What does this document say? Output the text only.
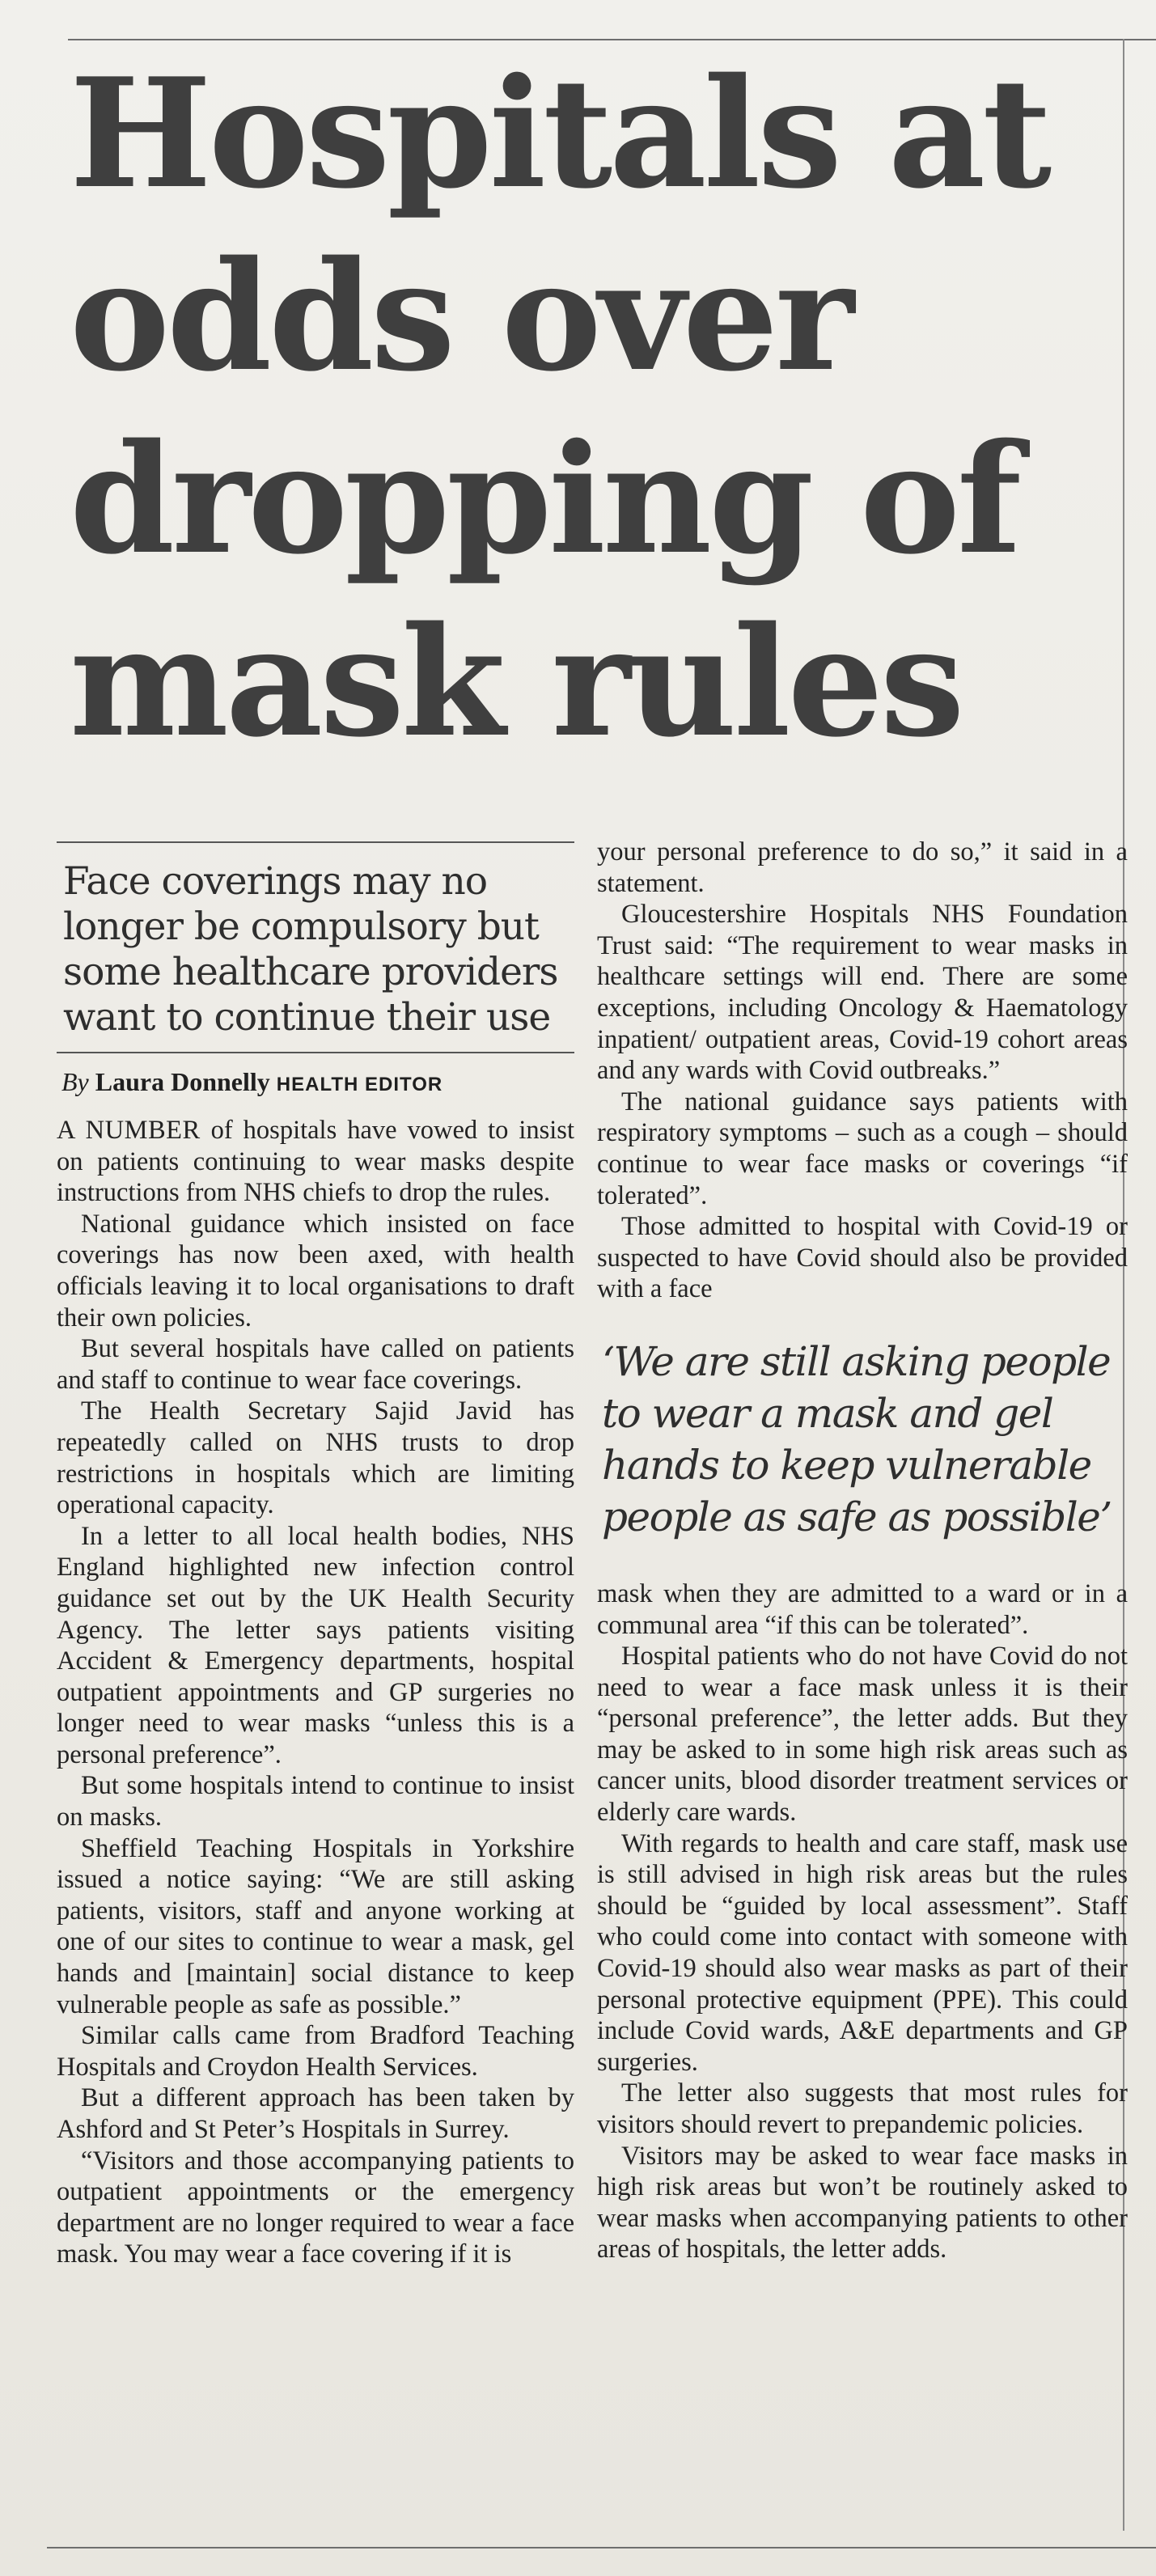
Hospitals at odds over dropping of mask rules
Face coverings may no longer be compulsory but some healthcare providers want to continue their use
By Laura Donnelly HEALTH EDITOR

A NUMBER of hospitals have vowed to insist on patients continuing to wear masks despite instructions from NHS chiefs to drop the rules.

National guidance which insisted on face coverings has now been axed, with health officials leaving it to local organisations to draft their own policies.

But several hospitals have called on patients and staff to continue to wear face coverings.

The Health Secretary Sajid Javid has repeatedly called on NHS trusts to drop restrictions in hospitals which are limiting operational capacity.

In a letter to all local health bodies, NHS England highlighted new infection control guidance set out by the UK Health Security Agency. The letter says patients visiting Accident & Emergency departments, hospital outpatient appointments and GP surgeries no longer need to wear masks “unless this is a personal preference”.

But some hospitals intend to continue to insist on masks.

Sheffield Teaching Hospitals in Yorkshire issued a notice saying: “We are still asking patients, visitors, staff and anyone working at one of our sites to continue to wear a mask, gel hands and [maintain] social distance to keep vulnerable people as safe as possible.”

Similar calls came from Bradford Teaching Hospitals and Croydon Health Services.

But a different approach has been taken by Ashford and St Peter’s Hospitals in Surrey.

“Visitors and those accompanying patients to outpatient appointments or the emergency department are no longer required to wear a face mask. You may wear a face covering if it is

your personal preference to do so,” it said in a statement.

Gloucestershire Hospitals NHS Foundation Trust said: “The requirement to wear masks in healthcare settings will end. There are some exceptions, including Oncology & Haematology inpatient/ outpatient areas, Covid-19 cohort areas and any wards with Covid outbreaks.”

The national guidance says patients with respiratory symptoms – such as a cough – should continue to wear face masks or coverings “if tolerated”.

Those admitted to hospital with Covid-19 or suspected to have Covid should also be provided with a face

‘We are still asking people to wear a mask and gel hands to keep vulnerable people as safe as possible’

mask when they are admitted to a ward or in a communal area “if this can be tolerated”.

Hospital patients who do not have Covid do not need to wear a face mask unless it is their “personal preference”, the letter adds. But they may be asked to in some high risk areas such as cancer units, blood disorder treatment services or elderly care wards.

With regards to health and care staff, mask use is still advised in high risk areas but the rules should be “guided by local assessment”. Staff who could come into contact with someone with Covid-19 should also wear masks as part of their personal protective equipment (PPE). This could include Covid wards, A&E departments and GP surgeries.

The letter also suggests that most rules for visitors should revert to prepandemic policies.

Visitors may be asked to wear face masks in high risk areas but won’t be routinely asked to wear masks when accompanying patients to other areas of hospitals, the letter adds.
